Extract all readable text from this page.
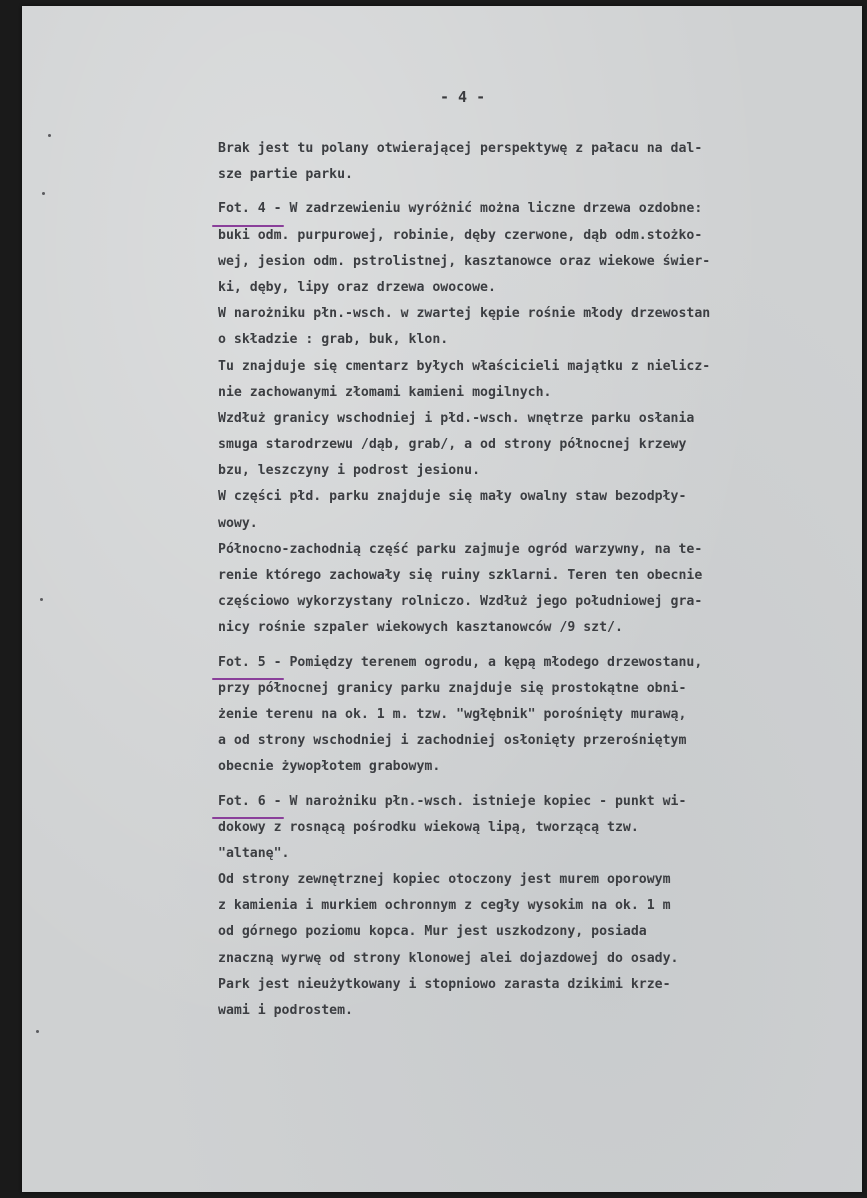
- 4 -
Brak jest tu polany otwierającej perspektywę z pałacu na dal-
sze partie parku.
Fot. 4 - W zadrzewieniu wyróżnić można liczne drzewa ozdobne:
buki odm. purpurowej, robinie, dęby czerwone, dąb odm.stożko-
wej, jesion odm. pstrolistnej, kasztanowce oraz wiekowe świer-
ki, dęby, lipy oraz drzewa owocowe.
W narożniku płn.-wsch. w zwartej kępie rośnie młody drzewostan
o składzie : grab, buk, klon.
Tu znajduje się cmentarz byłych właścicieli majątku z nielicz-
nie zachowanymi złomami kamieni mogilnych.
Wzdłuż granicy wschodniej i płd.-wsch. wnętrze parku osłania
smuga starodrzewu /dąb, grab/, a od strony północnej krzewy
bzu, leszczyny i podrost jesionu.
W części płd. parku znajduje się mały owalny staw bezodpły-
wowy.
Północno-zachodnią część parku zajmuje ogród warzywny, na te-
renie którego zachowały się ruiny szklarni. Teren ten obecnie
częściowo wykorzystany rolniczo. Wzdłuż jego południowej gra-
nicy rośnie szpaler wiekowych kasztanowców /9 szt/.
Fot. 5 - Pomiędzy terenem ogrodu, a kępą młodego drzewostanu,
przy północnej granicy parku znajduje się prostokątne obni-
żenie terenu na ok. 1 m. tzw. "wgłębnik" porośnięty murawą,
a od strony wschodniej i zachodniej osłonięty przerośniętym
obecnie żywopłotem grabowym.
Fot. 6 - W narożniku płn.-wsch. istnieje kopiec - punkt wi-
dokowy z rosnącą pośrodku wiekową lipą, tworzącą tzw.
"altanę".
Od strony zewnętrznej kopiec otoczony jest murem oporowym
z kamienia i murkiem ochronnym z cegły wysokim na ok. 1 m
od górnego poziomu kopca. Mur jest uszkodzony, posiada
znaczną wyrwę od strony klonowej alei dojazdowej do osady.
Park jest nieużytkowany i stopniowo zarasta dzikimi krze-
wami i podrostem.
